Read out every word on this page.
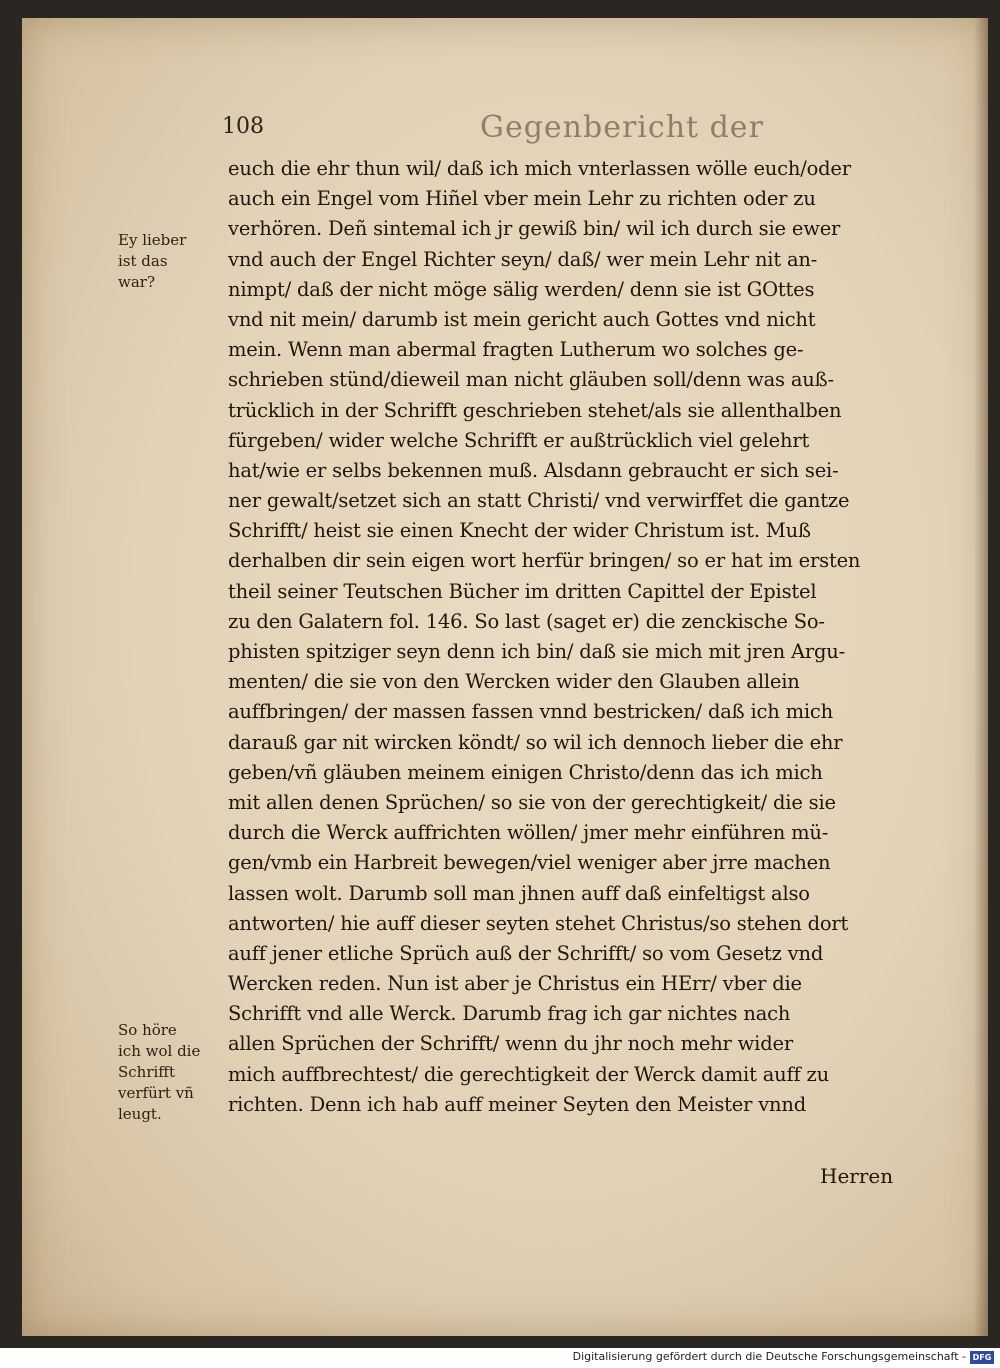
108	Gegenbericht der
euch die ehr thun wil/ daß ich mich vnterlassen wölle euch/oder
auch ein Engel vom Hiñel vber mein Lehr zu richten oder zu
verhören. Deñ sintemal ich jr gewiß bin/ wil ich durch sie ewer
vnd auch der Engel Richter seyn/ daß/ wer mein Lehr nit an-
nimpt/ daß der nicht möge sälig werden/ denn sie ist GOttes
vnd nit mein/ darumb ist mein gericht auch Gottes vnd nicht
mein. Wenn man abermal fragten Lutherum wo solches ge-
schrieben stünd/dieweil man nicht gläuben soll/denn was auß-
trücklich in der Schrifft geschrieben stehet/als sie allenthalben
fürgeben/ wider welche Schrifft er außtrücklich viel gelehrt
hat/wie er selbs bekennen muß. Alsdann gebraucht er sich sei-
ner gewalt/setzet sich an statt Christi/ vnd verwirffet die gantze
Schrifft/ heist sie einen Knecht der wider Christum ist. Muß
derhalben dir sein eigen wort herfür bringen/ so er hat im ersten
theil seiner Teutschen Bücher im dritten Capittel der Epistel
zu den Galatern fol. 146. So last (saget er) die zenckische So-
phisten spitziger seyn denn ich bin/ daß sie mich mit jren Argu-
menten/ die sie von den Wercken wider den Glauben allein
auffbringen/ der massen fassen vnnd bestricken/ daß ich mich
darauß gar nit wircken köndt/ so wil ich dennoch lieber die ehr
geben/vñ gläuben meinem einigen Christo/denn das ich mich
mit allen denen Sprüchen/ so sie von der gerechtigkeit/ die sie
durch die Werck auffrichten wöllen/ jmer mehr einführen mü-
gen/vmb ein Harbreit bewegen/viel weniger aber jrre machen
lassen wolt. Darumb soll man jhnen auff daß einfeltigst also
antworten/ hie auff dieser seyten stehet Christus/so stehen dort
auff jener etliche Sprüch auß der Schrifft/ so vom Gesetz vnd
Wercken reden. Nun ist aber je Christus ein HErr/ vber die
Schrifft vnd alle Werck. Darumb frag ich gar nichtes nach
allen Sprüchen der Schrifft/ wenn du jhr noch mehr wider
mich auffbrechtest/ die gerechtigkeit der Werck damit auff zu
richten. Denn ich hab auff meiner Seyten den Meister vnnd
Herren
Ey lieber
ist das
war?
So höre
ich wol die
Schrifft
verfürt vñ
leugt.
Digitalisierung gefördert durch die Deutsche Forschungsgemeinschaft - DFG
